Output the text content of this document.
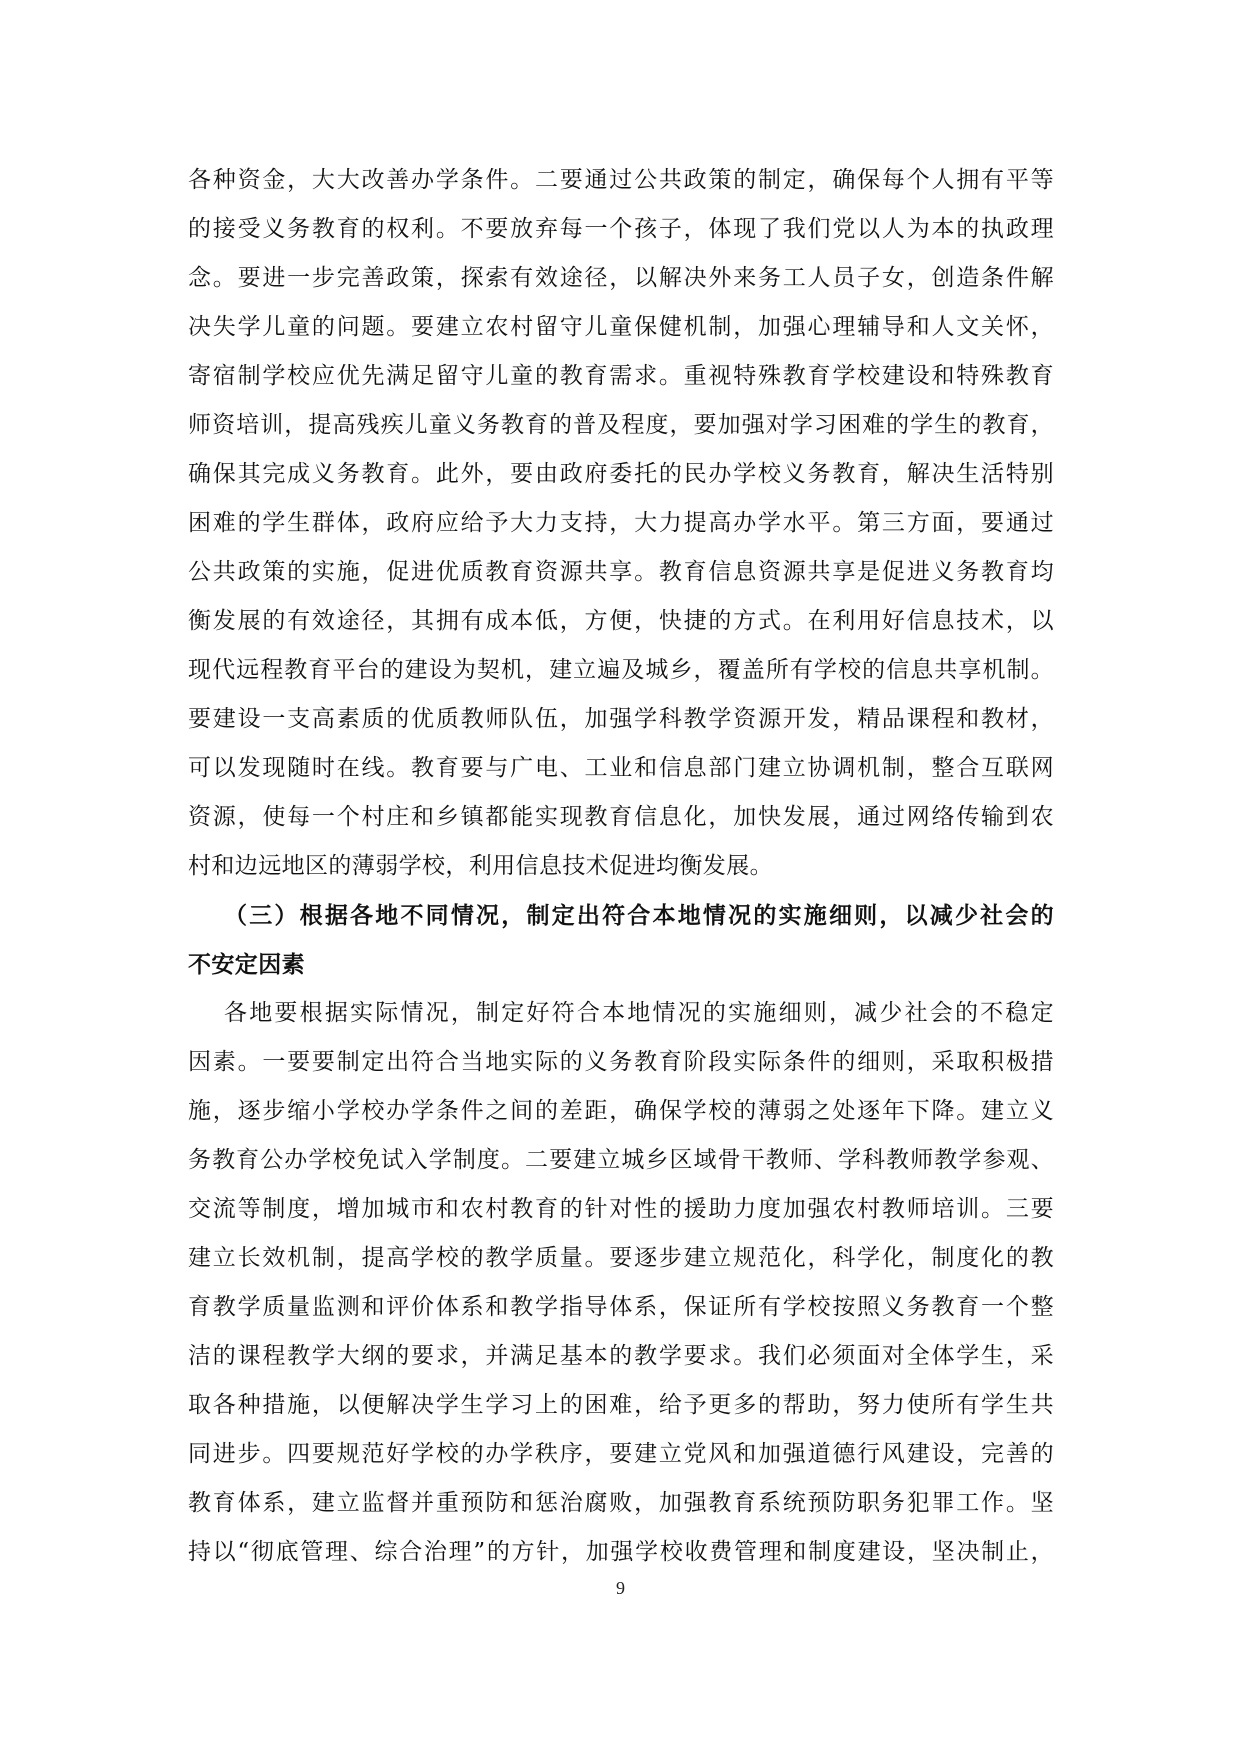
各种资金，大大改善办学条件。二要通过公共政策的制定，确保每个人拥有平等
的接受义务教育的权利。不要放弃每一个孩子，体现了我们党以人为本的执政理
念。要进一步完善政策，探索有效途径，以解决外来务工人员子女，创造条件解
决失学儿童的问题。要建立农村留守儿童保健机制，加强心理辅导和人文关怀，
寄宿制学校应优先满足留守儿童的教育需求。重视特殊教育学校建设和特殊教育
师资培训，提高残疾儿童义务教育的普及程度，要加强对学习困难的学生的教育，
确保其完成义务教育。此外，要由政府委托的民办学校义务教育，解决生活特别
困难的学生群体，政府应给予大力支持，大力提高办学水平。第三方面，要通过
公共政策的实施，促进优质教育资源共享。教育信息资源共享是促进义务教育均
衡发展的有效途径，其拥有成本低，方便，快捷的方式。在利用好信息技术，以
现代远程教育平台的建设为契机，建立遍及城乡，覆盖所有学校的信息共享机制。
要建设一支高素质的优质教师队伍，加强学科教学资源开发，精品课程和教材，
可以发现随时在线。教育要与广电、工业和信息部门建立协调机制，整合互联网
资源，使每一个村庄和乡镇都能实现教育信息化，加快发展，通过网络传输到农
村和边远地区的薄弱学校，利用信息技术促进均衡发展。
（三）根据各地不同情况，制定出符合本地情况的实施细则，以减少社会的
不安定因素
各地要根据实际情况，制定好符合本地情况的实施细则，减少社会的不稳定
因素。一要要制定出符合当地实际的义务教育阶段实际条件的细则，采取积极措
施，逐步缩小学校办学条件之间的差距，确保学校的薄弱之处逐年下降。建立义
务教育公办学校免试入学制度。二要建立城乡区域骨干教师、学科教师教学参观、
交流等制度，增加城市和农村教育的针对性的援助力度加强农村教师培训。三要
建立长效机制，提高学校的教学质量。要逐步建立规范化，科学化，制度化的教
育教学质量监测和评价体系和教学指导体系，保证所有学校按照义务教育一个整
洁的课程教学大纲的要求，并满足基本的教学要求。我们必须面对全体学生，采
取各种措施，以便解决学生学习上的困难，给予更多的帮助，努力使所有学生共
同进步。四要规范好学校的办学秩序，要建立党风和加强道德行风建设，完善的
教育体系，建立监督并重预防和惩治腐败，加强教育系统预防职务犯罪工作。坚
持以“彻底管理、综合治理”的方针，加强学校收费管理和制度建设，坚决制止，
9
